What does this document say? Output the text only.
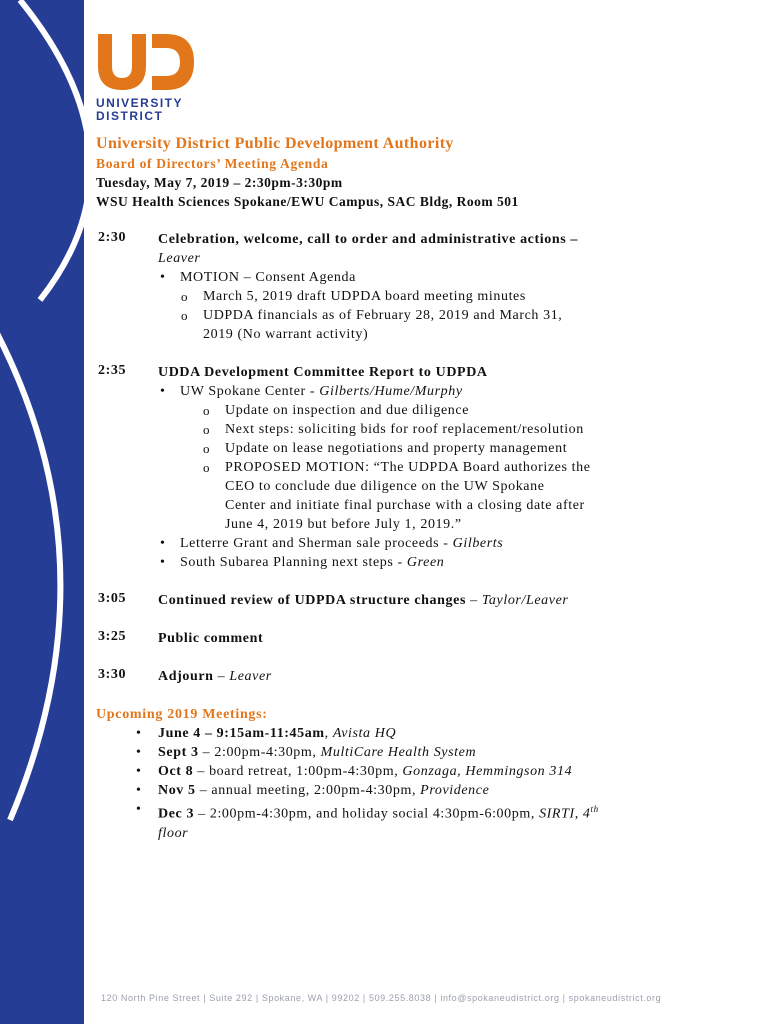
UNIVERSITY
DISTRICT
University District Public Development Authority
Board of Directors’ Meeting Agenda
Tuesday, May 7, 2019 – 2:30pm-3:30pm
WSU Health Sciences Spokane/EWU Campus, SAC Bldg, Room 501
2:30	Celebration, welcome, call to order and administrative actions –
Leaver
• MOTION – Consent Agenda
o March 5, 2019 draft UDPDA board meeting minutes
o UDPDA financials as of February 28, 2019 and March 31,
2019 (No warrant activity)
2:35	UDDA Development Committee Report to UDPDA
• UW Spokane Center - Gilberts/Hume/Murphy
o Update on inspection and due diligence
o Next steps: soliciting bids for roof replacement/resolution
o Update on lease negotiations and property management
o PROPOSED MOTION: “The UDPDA Board authorizes the
CEO to conclude due diligence on the UW Spokane
Center and initiate final purchase with a closing date after
June 4, 2019 but before July 1, 2019.”
• Letterre Grant and Sherman sale proceeds - Gilberts
• South Subarea Planning next steps - Green
3:05	Continued review of UDPDA structure changes – Taylor/Leaver
3:25	Public comment
3:30	Adjourn – Leaver
Upcoming 2019 Meetings:
• June 4 – 9:15am-11:45am, Avista HQ
• Sept 3 – 2:00pm-4:30pm, MultiCare Health System
• Oct 8 – board retreat, 1:00pm-4:30pm, Gonzaga, Hemmingson 314
• Nov 5 – annual meeting, 2:00pm-4:30pm, Providence
• Dec 3 – 2:00pm-4:30pm, and holiday social 4:30pm-6:00pm, SIRTI, 4th
floor
120 North Pine Street | Suite 292 | Spokane, WA | 99202 | 509.255.8038 | info@spokaneudistrict.org | spokaneudistrict.org
